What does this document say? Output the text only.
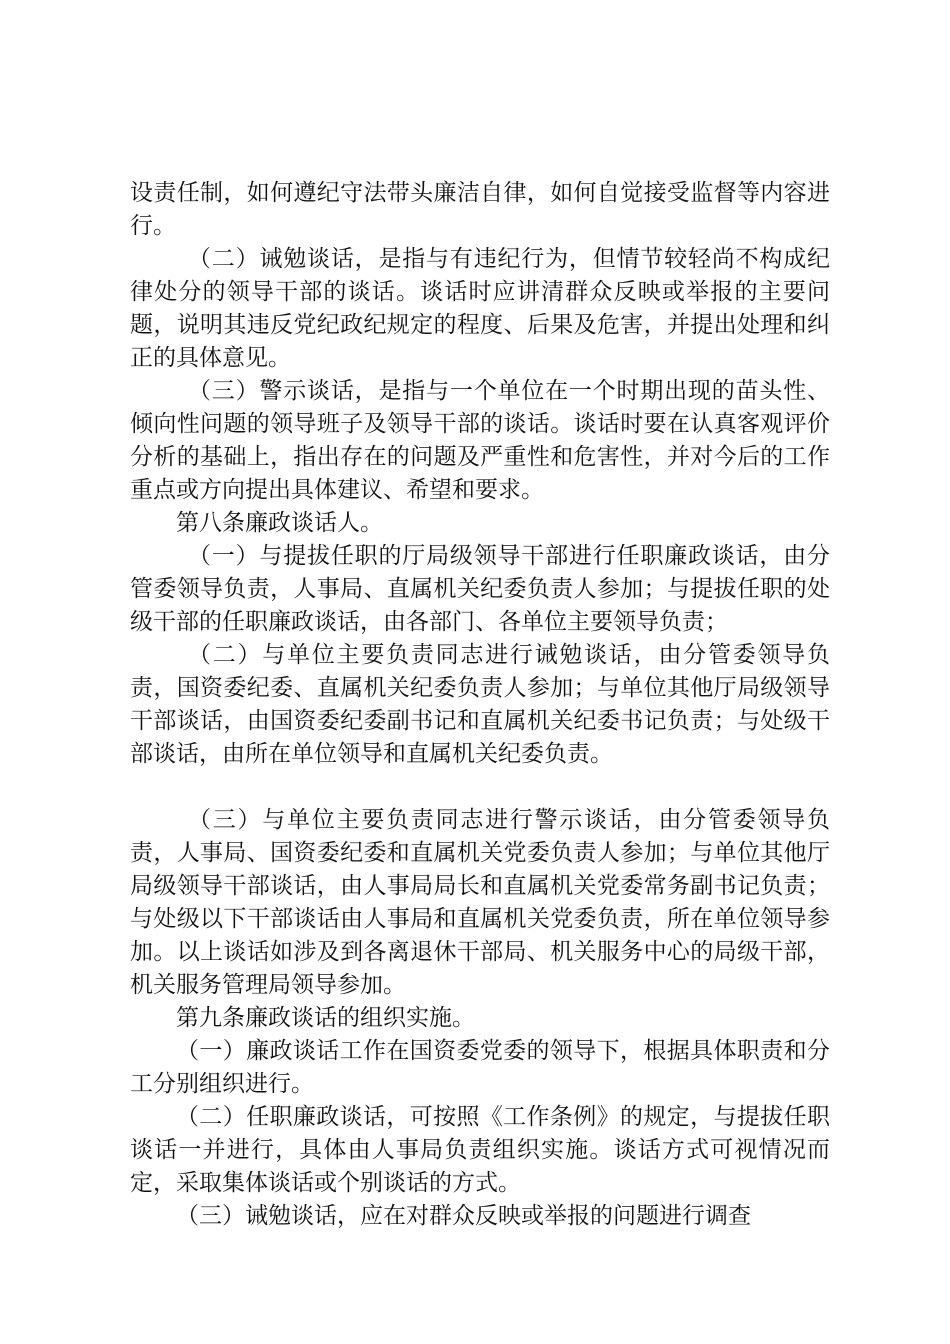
设责任制，如何遵纪守法带头廉洁自律，如何自觉接受监督等内容进行。

（二）诫勉谈话，是指与有违纪行为，但情节较轻尚不构成纪律处分的领导干部的谈话。谈话时应讲清群众反映或举报的主要问题，说明其违反党纪政纪规定的程度、后果及危害，并提出处理和纠正的具体意见。

（三）警示谈话，是指与一个单位在一个时期出现的苗头性、倾向性问题的领导班子及领导干部的谈话。谈话时要在认真客观评价分析的基础上，指出存在的问题及严重性和危害性，并对今后的工作重点或方向提出具体建议、希望和要求。

第八条廉政谈话人。

（一）与提拔任职的厅局级领导干部进行任职廉政谈话，由分管委领导负责，人事局、直属机关纪委负责人参加；与提拔任职的处级干部的任职廉政谈话，由各部门、各单位主要领导负责；

（二）与单位主要负责同志进行诫勉谈话，由分管委领导负责，国资委纪委、直属机关纪委负责人参加；与单位其他厅局级领导干部谈话，由国资委纪委副书记和直属机关纪委书记负责；与处级干部谈话，由所在单位领导和直属机关纪委负责。

（三）与单位主要负责同志进行警示谈话，由分管委领导负责，人事局、国资委纪委和直属机关党委负责人参加；与单位其他厅局级领导干部谈话，由人事局局长和直属机关党委常务副书记负责；与处级以下干部谈话由人事局和直属机关党委负责，所在单位领导参加。以上谈话如涉及到各离退休干部局、机关服务中心的局级干部，机关服务管理局领导参加。

第九条廉政谈话的组织实施。

（一）廉政谈话工作在国资委党委的领导下，根据具体职责和分工分别组织进行。

（二）任职廉政谈话，可按照《工作条例》的规定，与提拔任职谈话一并进行，具体由人事局负责组织实施。谈话方式可视情况而定，采取集体谈话或个别谈话的方式。

（三）诫勉谈话，应在对群众反映或举报的问题进行调查
